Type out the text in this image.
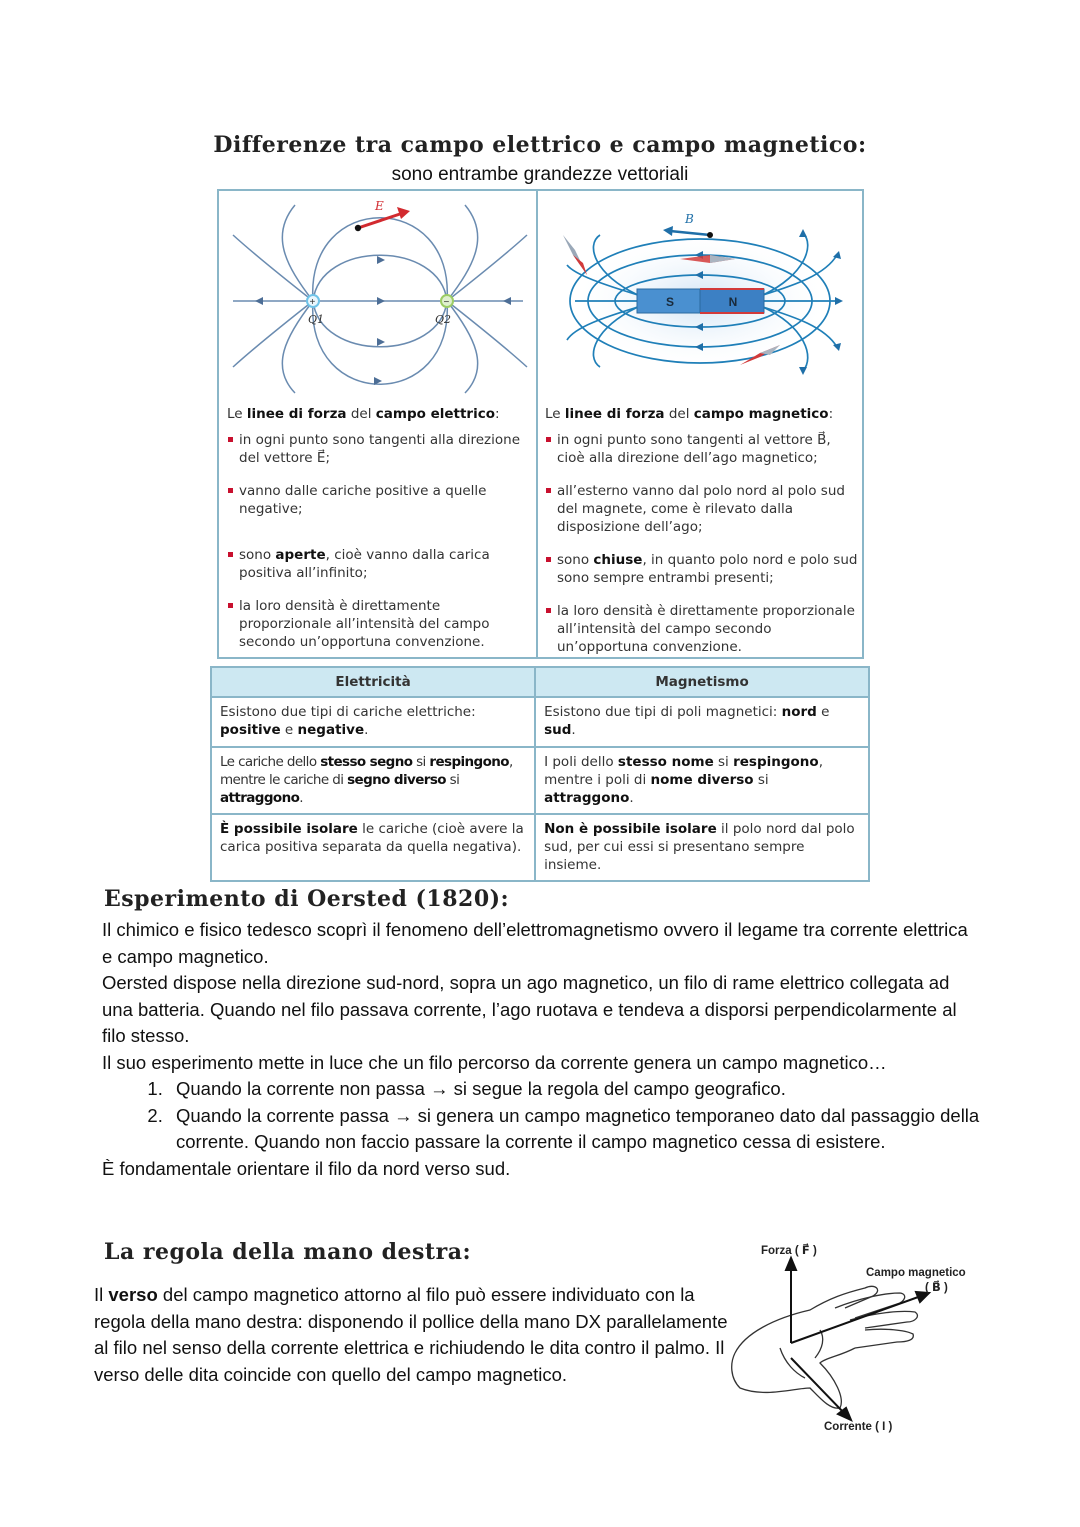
Differenze tra campo elettrico e campo magnetico:
sono entrambe grandezze vettoriali
E
+	−
Q1	Q2
S	N
B
Le linee di forza del campo elettrico:
in ogni punto sono tangenti alla direzione del vettore E⃗;
vanno dalle cariche positive a quelle negative;
sono aperte, cioè vanno dalla carica positiva all’infinito;
la loro densità è direttamente proporzionale all’intensità del campo secondo un’opportuna convenzione.
Le linee di forza del campo magnetico:
in ogni punto sono tangenti al vettore B⃗, cioè alla direzione dell’ago magnetico;
all’esterno vanno dal polo nord al polo sud del magnete, come è rilevato dalla disposizione dell’ago;
sono chiuse, in quanto polo nord e polo sud sono sempre entrambi presenti;
la loro densità è direttamente proporzionale all’intensità del campo secondo un’opportuna convenzione.
Elettricità	Magnetismo
Esistono due tipi di cariche elettriche: positive e negative.	Esistono due tipi di poli magnetici: nord e sud.
Le cariche dello stesso segno si respingono, mentre le cariche di segno diverso si attraggono.	I poli dello stesso nome si respingono, mentre i poli di nome diverso si attraggono.
È possibile isolare le cariche (cioè avere la carica positiva separata da quella negativa).	Non è possibile isolare il polo nord dal polo sud, per cui essi si presentano sempre insieme.
Esperimento di Oersted (1820):

Il chimico e fisico tedesco scoprì il fenomeno dell’elettromagnetismo ovvero il legame tra corrente elettrica e campo magnetico.

Oersted dispose nella direzione sud-nord, sopra un ago magnetico, un filo di rame elettrico collegata ad una batteria. Quando nel filo passava corrente, l’ago ruotava e tendeva a disporsi perpendicolarmente al filo stesso.

Il suo esperimento mette in luce che un filo percorso da corrente genera un campo magnetico…

1. Quando la corrente non passa → si segue la regola del campo geografico.
2. Quando la corrente passa → si genera un campo magnetico temporaneo dato dal passaggio della corrente. Quando non faccio passare la corrente il campo magnetico cessa di esistere.

È fondamentale orientare il filo da nord verso sud.

La regola della mano destra:
Il verso del campo magnetico attorno al filo può essere individuato con la regola della mano destra: disponendo il pollice della mano DX parallelamente al filo nel senso della corrente elettrica e richiudendo le dita contro il palmo. Il verso delle dita coincide con quello del campo magnetico.
Forza ( F⃗ )
Campo magnetico
( B⃗ )
Corrente ( I )
